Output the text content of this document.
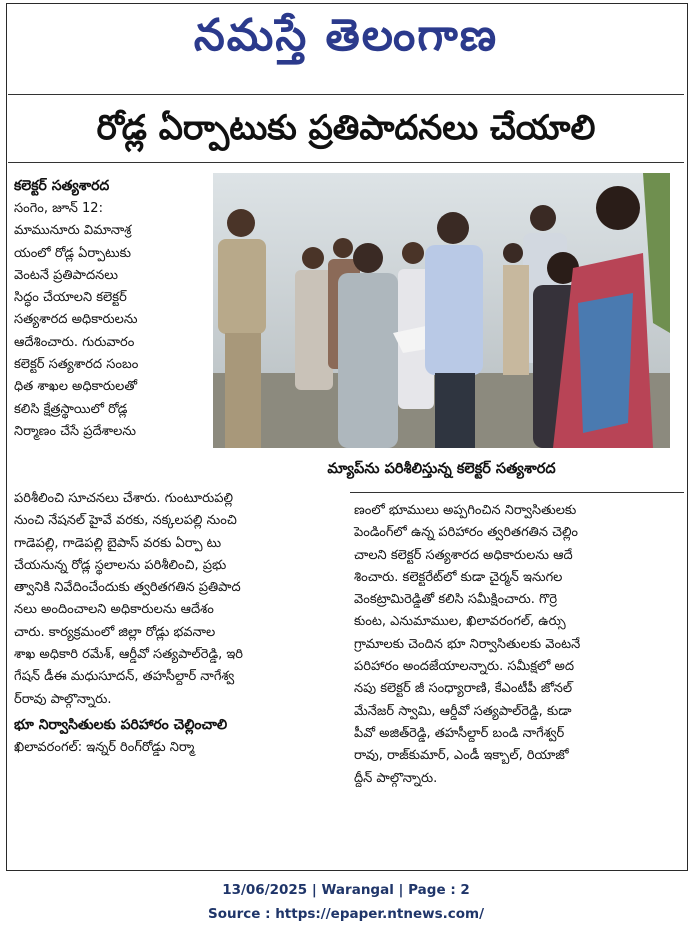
నమస్తే తెలంగాణ
రోడ్ల ఏర్పాటుకు ప్రతిపాదనలు చేయాలి
కలెక్టర్ సత్యశారద

సంగెం, జూన్ 12:

మామునూరు విమానాశ్ర

యంలో రోడ్ల ఏర్పాటుకు

వెంటనే ప్రతిపాదనలు

సిద్ధం చేయాలని కలెక్టర్

సత్యశారద అధికారులను

ఆదేశించారు. గురువారం

కలెక్టర్ సత్యశారద సంబం

ధిత శాఖల అధికారులతో

కలిసి క్షేత్రస్థాయిలో రోడ్ల

నిర్మాణం చేసే ప్రదేశాలను

మ్యాప్‌ను పరిశీలిస్తున్న కలెక్టర్ సత్యశారద

పరిశీలించి సూచనలు చేశారు. గుంటూరుపల్లి

నుంచి నేషనల్ హైవే వరకు, నక్కలపల్లి నుంచి

గాడెపల్లి, గాడెపల్లి బైపాస్ వరకు ఏర్పా టు

చేయనున్న రోడ్ల స్థలాలను పరిశీలించి, ప్రభు

త్వానికి నివేదించేందుకు త్వరితగతిన ప్రతిపాద

నలు అందించాలని అధికారులను ఆదేశం

చారు. కార్యక్రమంలో జిల్లా రోడ్లు భవనాల

శాఖ అధికారి రమేశ్, ఆర్డీవో సత్యపాల్‌రెడ్డి, ఇరి

గేషన్ డీఈ మధుసూదన్, తహసీల్దార్ నాగేశ్వ

ర్‌రావు పాల్గొన్నారు.

భూ నిర్వాసితులకు పరిహారం చెల్లించాలి

ఖిలావరంగల్: ఇన్నర్ రింగ్‌రోడ్డు నిర్మా

ణంలో భూములు అప్పగించిన నిర్వాసితులకు

పెండింగ్‌లో ఉన్న పరిహారం త్వరితగతిన చెల్లిం

చాలని కలెక్టర్ సత్యశారద అధికారులను ఆదే

శించారు. కలెక్టరేట్‌లో కుడా చైర్మన్ ఇనుగల

వెంకట్రామిరెడ్డితో కలిసి సమీక్షించారు. గొర్రె

కుంట, ఎనుమాముల, ఖిలావరంగల్, ఉర్సు

గ్రామాలకు చెందిన భూ నిర్వాసితులకు వెంటనే

పరిహారం అందజేయాలన్నారు. సమీక్షలో అద

నపు కలెక్టర్ జీ సంధ్యారాణి, కేఎంటీపీ జోనల్

మేనేజర్ స్వామి, ఆర్డీవో సత్యపాల్‌రెడ్డి, కుడా

పీవో అజిత్‌రెడ్డి, తహసీల్దార్ బండి నాగేశ్వర్

రావు, రాజ్‌కుమార్, ఎండీ ఇక్బాల్, రియాజో

ద్దీన్ పాల్గొన్నారు.

13/06/2025 | Warangal | Page : 2
Source : https://epaper.ntnews.com/
